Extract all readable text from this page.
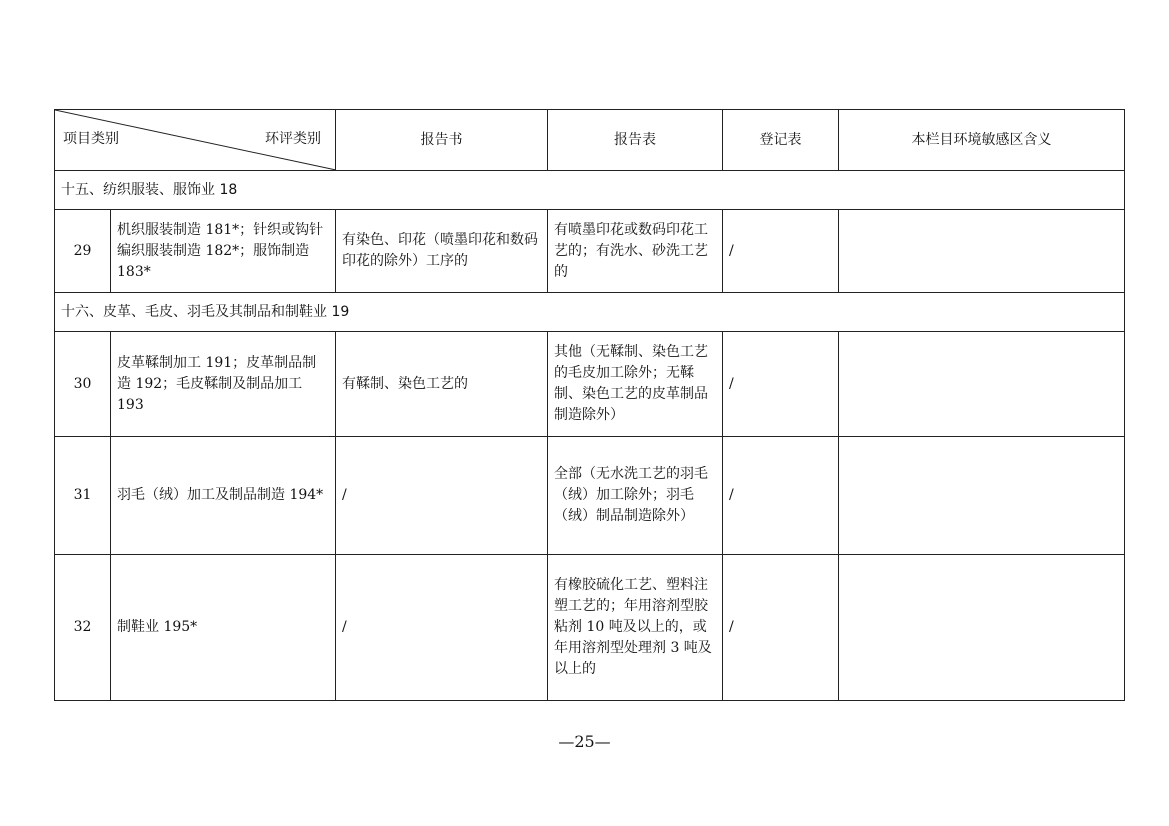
项目类别 环评类别		报告书	报告表	登记表	本栏目环境敏感区含义
十五、纺织服装、服饰业 18					
29	机织服装制造 181*；针织或钩针编织服装制造 182*；服饰制造 183*	有染色、印花（喷墨印花和数码印花的除外）工序的	有喷墨印花或数码印花工艺的；有洗水、砂洗工艺的	/	
十六、皮革、毛皮、羽毛及其制品和制鞋业 19					
30	皮革鞣制加工 191；皮革制品制造 192；毛皮鞣制及制品加工 193	有鞣制、染色工艺的	其他（无鞣制、染色工艺的毛皮加工除外；无鞣制、染色工艺的皮革制品制造除外）	/	
31	羽毛（绒）加工及制品制造 194*	/	全部（无水洗工艺的羽毛（绒）加工除外；羽毛（绒）制品制造除外）	/	
32	制鞋业 195*	/	有橡胶硫化工艺、塑料注塑工艺的；年用溶剂型胶粘剂 10 吨及以上的，或年用溶剂型处理剂 3 吨及以上的	/	
—25—
